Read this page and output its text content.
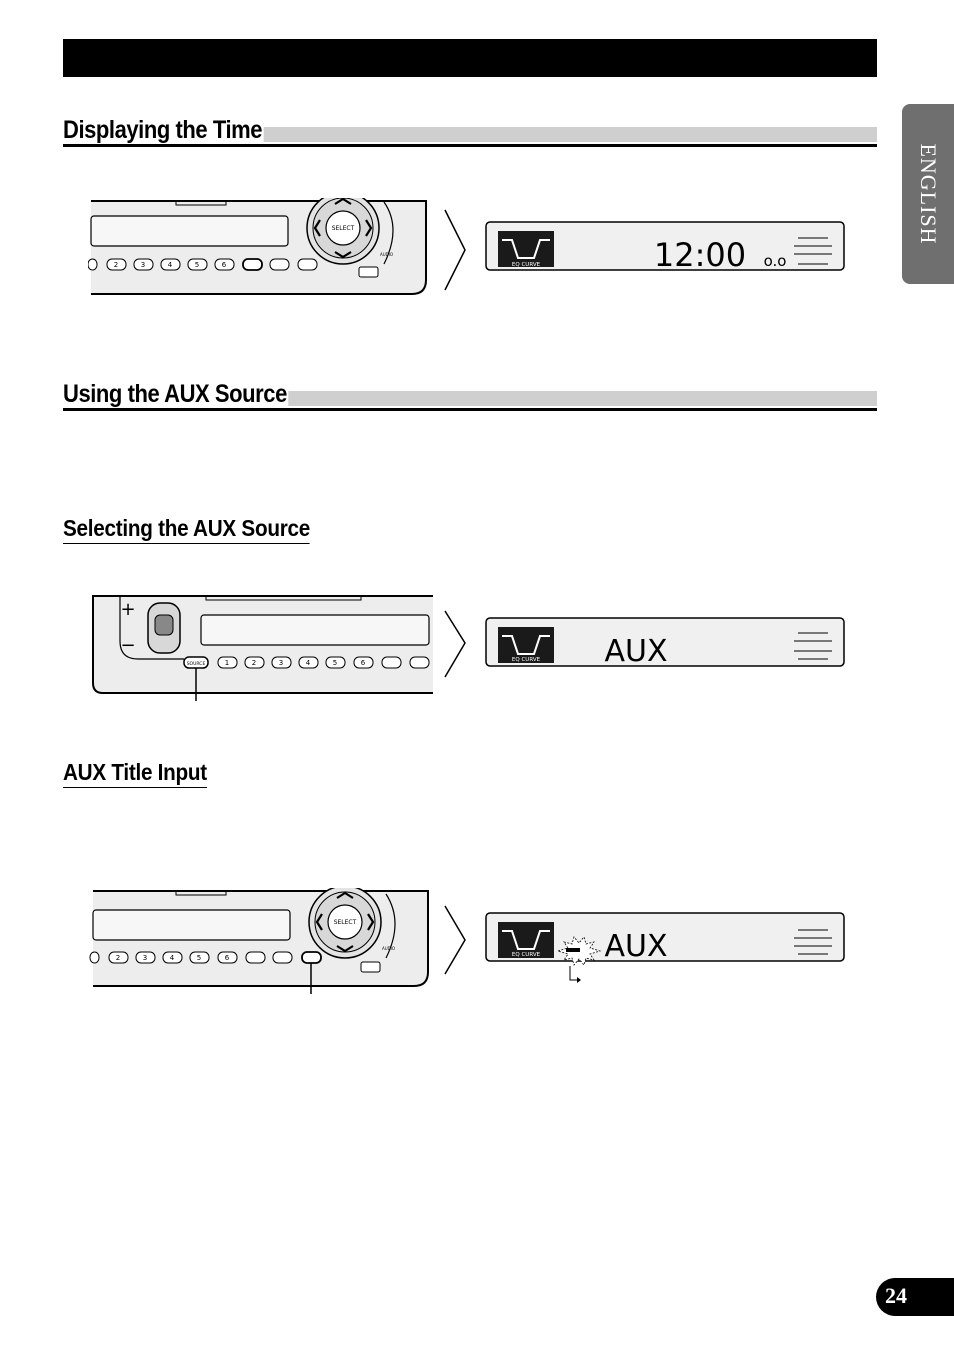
ENGLISH
Displaying the Time
SELECT
AUDIO
2	3	4	5	6	EQ CURVE	12:00 o.o
Using the AUX Source
Selecting the AUX Source
+
−
SOURCE	1	2	3	4	5	6	EQ CURVE AUX
AUX Title Input
SELECT
AUDIO
2	3	4	5	6	EQ CURVE AUX
24
